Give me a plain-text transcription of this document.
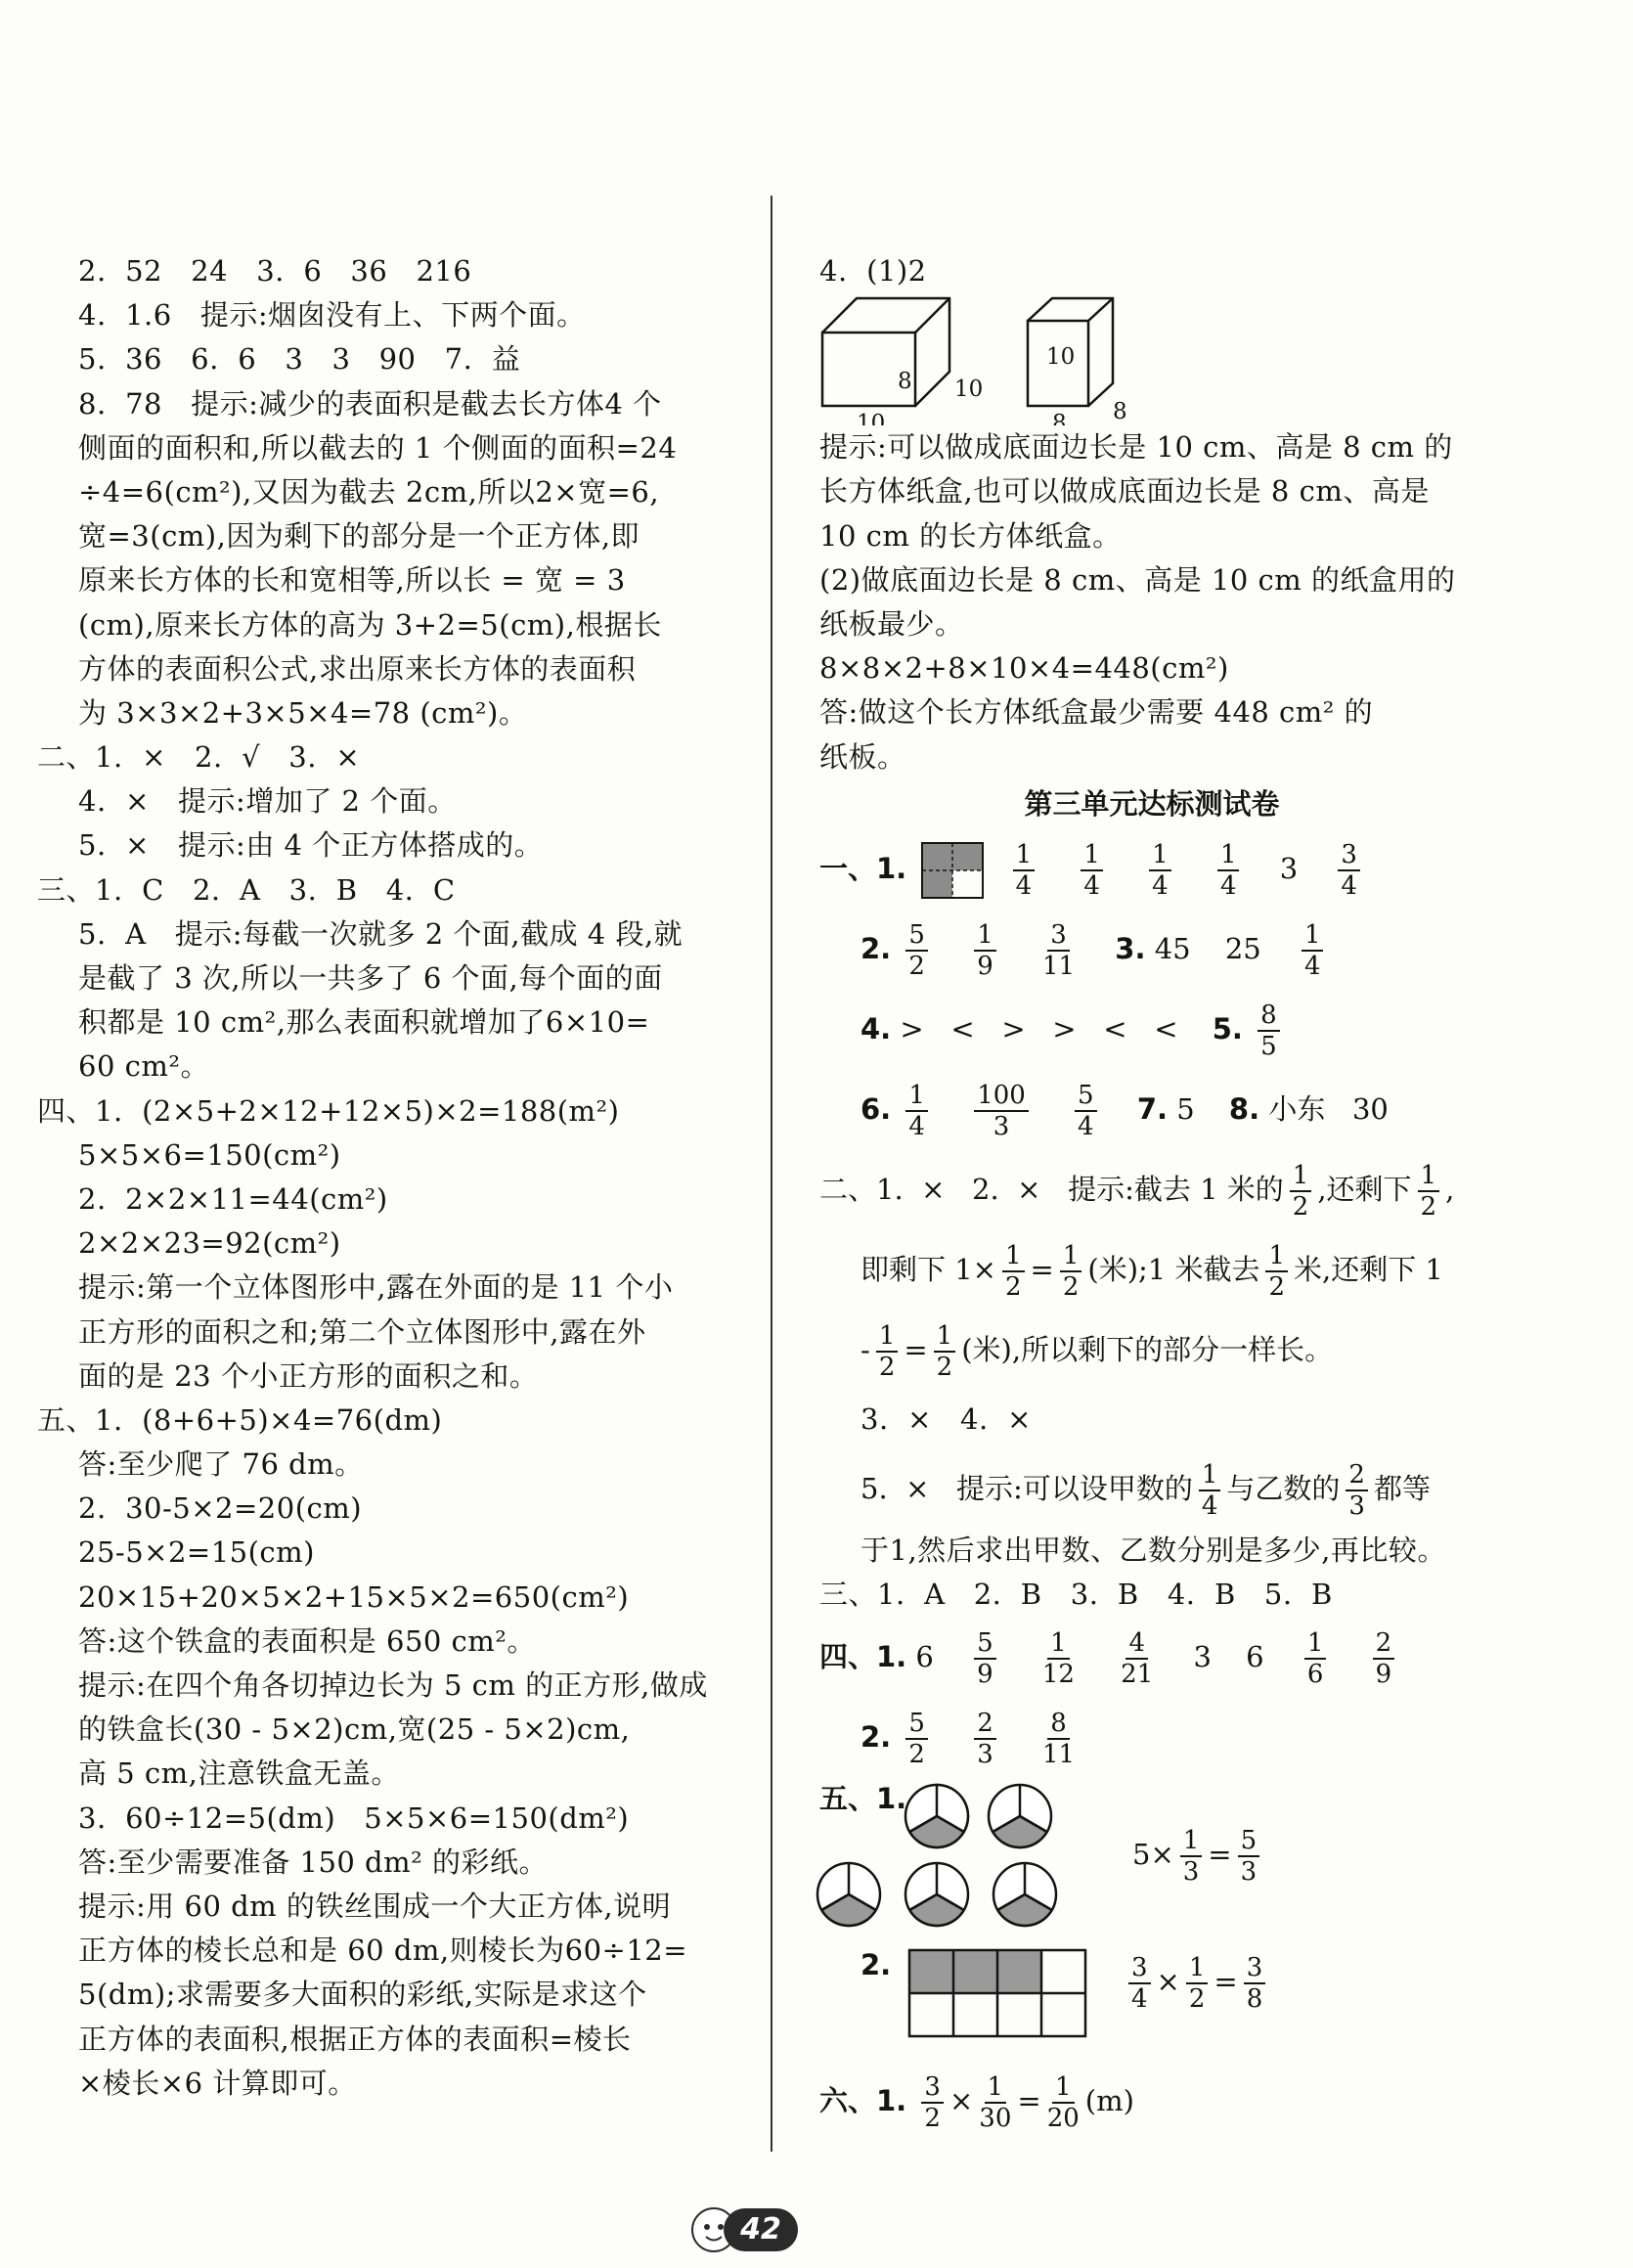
2.  52   24   3.  6   36   216
4.  1.6   提示:烟囱没有上、下两个面。
5.  36   6.  6   3   3   90   7.  益
8.  78   提示:减少的表面积是截去长方体4 个
侧面的面积和,所以截去的 1 个侧面的面积=24
÷4=6(cm²),又因为截去 2cm,所以2×宽=6,
宽=3(cm),因为剩下的部分是一个正方体,即
原来长方体的长和宽相等,所以长 = 宽 = 3
(cm),原来长方体的高为 3+2=5(cm),根据长
方体的表面积公式,求出原来长方体的表面积
为 3×3×2+3×5×4=78 (cm²)。
二、1.  ×   2.  √   3.  ×
4.  ×   提示:增加了 2 个面。
5.  ×   提示:由 4 个正方体搭成的。
三、1.  C   2.  A   3.  B   4.  C
5.  A   提示:每截一次就多 2 个面,截成 4 段,就
是截了 3 次,所以一共多了 6 个面,每个面的面
积都是 10 cm²,那么表面积就增加了6×10=
60 cm²。
四、1.  (2×5+2×12+12×5)×2=188(m²)
5×5×6=150(cm²)
2.  2×2×11=44(cm²)
2×2×23=92(cm²)
提示:第一个立体图形中,露在外面的是 11 个小
正方形的面积之和;第二个立体图形中,露在外
面的是 23 个小正方形的面积之和。
五、1.  (8+6+5)×4=76(dm)
答:至少爬了 76 dm。
2.  30-5×2=20(cm)
25-5×2=15(cm)
20×15+20×5×2+15×5×2=650(cm²)
答:这个铁盒的表面积是 650 cm²。
提示:在四个角各切掉边长为 5 cm 的正方形,做成
的铁盒长(30 - 5×2)cm,宽(25 - 5×2)cm,
高 5 cm,注意铁盒无盖。
3.  60÷12=5(dm)   5×5×6=150(dm²)
答:至少需要准备 150 dm² 的彩纸。
提示:用 60 dm 的铁丝围成一个大正方体,说明
正方体的棱长总和是 60 dm,则棱长为60÷12=
5(dm);求需要多大面积的彩纸,实际是求这个
正方体的表面积,根据正方体的表面积=棱长
×棱长×6 计算即可。
4.  (1)2
8 10
10
10
8 8
提示:可以做成底面边长是 10 cm、高是 8 cm 的
长方体纸盒,也可以做成底面边长是 8 cm、高是
10 cm 的长方体纸盒。
(2)做底面边长是 8 cm、高是 10 cm 的纸盒用的
纸板最少。
8×8×2+8×10×4=448(cm²)
答:做这个长方体纸盒最少需要 448 cm² 的
纸板。
第三单元达标测试卷
一、1.	$\frac{1}{4}$
$\frac{1}{4}$
$\frac{1}{4}$
$\frac{1}{4} 3 \frac{3}{4}$
2. $\frac{5}{2}$
$\frac{1}{9}$
$\frac{3}{11} 3$. 45 $25 \frac{1}{4}$
4. >   <   >   >   <   < 5. $\frac{8}{5}$
6. $\frac{1}{4}$
$\frac{100}{3}$
$\frac{5}{4} 7$. 5 8. 小东   30
二、1.  ×   2.  ×   提示:截去 1 米的 $\frac{1}{2}$ ,还剩下 $\frac{1}{2}$ ,
即剩下 $1\times \frac{1}{2} = \frac{1}{2}$ (米);1 米截去 $\frac{1}{2}$ 米,还剩下 1
- $\frac{1}{2} = \frac{1}{2}$ (米),所以剩下的部分一样长。
3.  ×   4.  ×
5.  ×   提示:可以设甲数的 $\frac{1}{4}$ 与乙数的 $\frac{2}{3}$ 都等
于1,然后求出甲数、乙数分别是多少,再比较。
三、1.  A   2.  B   3.  B   4.  B   5.  B
四、1. $6 \frac{5}{9}$
$\frac{1}{12}$
$\frac{4}{21} 3$ $6 \frac{1}{6}$
$\frac{2}{9}$
2. $\frac{5}{2}$
$\frac{2}{3}$
$\frac{8}{11}$
五、1.
$5\times \frac{1}{3} = \frac{5}{3}$
2.	$\frac{3}{4} \times \frac{1}{2} = \frac{3}{8}$
六、1. $\frac{3}{2} \times \frac{1}{30} = \frac{1}{20} (m)$
42
